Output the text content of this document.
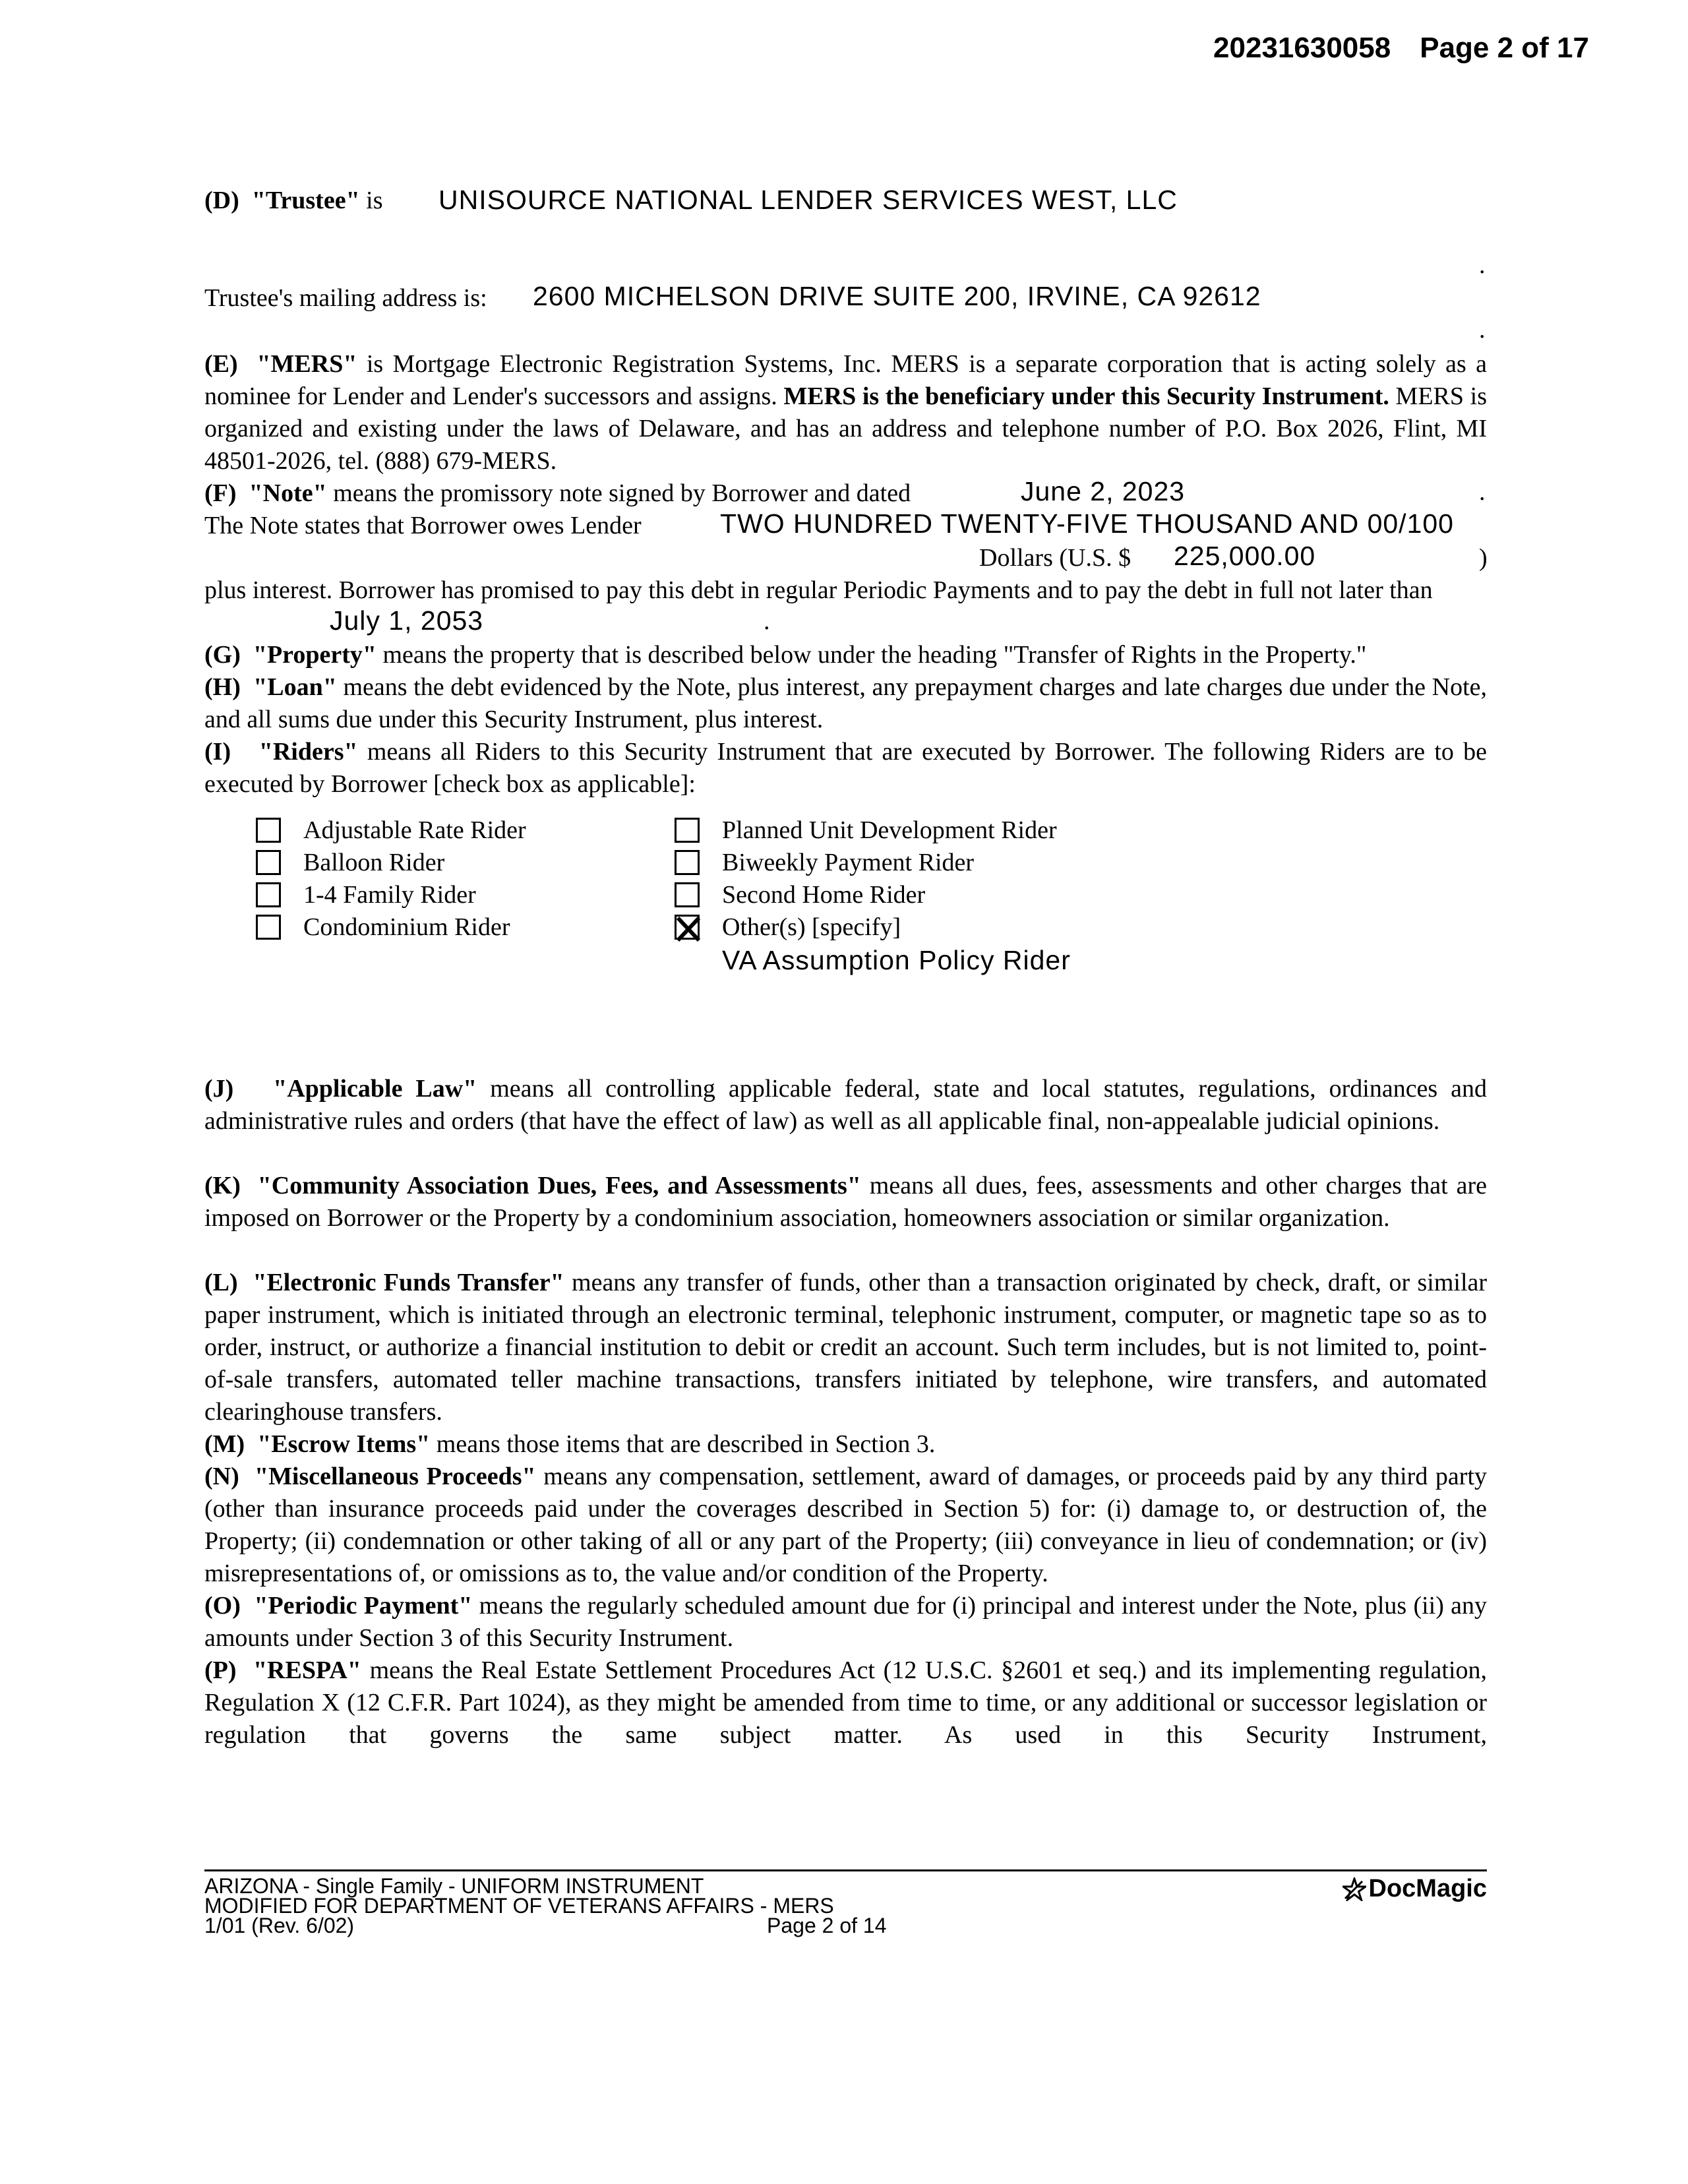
20231630058 Page 2 of 17
(D) "Trustee" is UNISOURCE NATIONAL LENDER SERVICES WEST, LLC
.
Trustee's mailing address is: 2600 MICHELSON DRIVE SUITE 200, IRVINE, CA 92612
.
(E) "MERS" is Mortgage Electronic Registration Systems, Inc. MERS is a separate corporation that is acting solely as a nominee for Lender and Lender's successors and assigns. MERS is the beneficiary under this Security Instrument. MERS is organized and existing under the laws of Delaware, and has an address and telephone number of P.O. Box 2026, Flint, MI 48501-2026, tel. (888) 679-MERS.
(F) "Note" means the promissory note signed by Borrower and dated	June 2, 2023	.
The Note states that Borrower owes Lender	TWO HUNDRED TWENTY-FIVE THOUSAND AND 00/100
Dollars (U.S. $ 225,000.00	)
plus interest. Borrower has promised to pay this debt in regular Periodic Payments and to pay the debt in full not later than
July 1, 2053	.
(G) "Property" means the property that is described below under the heading "Transfer of Rights in the Property."
(H) "Loan" means the debt evidenced by the Note, plus interest, any prepayment charges and late charges due under the Note, and all sums due under this Security Instrument, plus interest.
(I) "Riders" means all Riders to this Security Instrument that are executed by Borrower. The following Riders are to be executed by Borrower [check box as applicable]:
Adjustable Rate Rider
Balloon Rider
1-4 Family Rider
Condominium Rider
Planned Unit Development Rider
Biweekly Payment Rider
Second Home Rider
Other(s) [specify]
VA Assumption Policy Rider
(J) "Applicable Law" means all controlling applicable federal, state and local statutes, regulations, ordinances and administrative rules and orders (that have the effect of law) as well as all applicable final, non-appealable judicial opinions.
(K) "Community Association Dues, Fees, and Assessments" means all dues, fees, assessments and other charges that are imposed on Borrower or the Property by a condominium association, homeowners association or similar organization.
(L) "Electronic Funds Transfer" means any transfer of funds, other than a transaction originated by check, draft, or similar paper instrument, which is initiated through an electronic terminal, telephonic instrument, computer, or magnetic tape so as to order, instruct, or authorize a financial institution to debit or credit an account. Such term includes, but is not limited to, point-of-sale transfers, automated teller machine transactions, transfers initiated by telephone, wire transfers, and automated clearinghouse transfers.
(M) "Escrow Items" means those items that are described in Section 3.
(N) "Miscellaneous Proceeds" means any compensation, settlement, award of damages, or proceeds paid by any third party (other than insurance proceeds paid under the coverages described in Section 5) for: (i) damage to, or destruction of, the Property; (ii) condemnation or other taking of all or any part of the Property; (iii) conveyance in lieu of condemnation; or (iv) misrepresentations of, or omissions as to, the value and/or condition of the Property.
(O) "Periodic Payment" means the regularly scheduled amount due for (i) principal and interest under the Note, plus (ii) any amounts under Section 3 of this Security Instrument.
(P) "RESPA" means the Real Estate Settlement Procedures Act (12 U.S.C. §2601 et seq.) and its implementing regulation, Regulation X (12 C.F.R. Part 1024), as they might be amended from time to time, or any additional or successor legislation or regulation that governs the same subject matter. As used in this Security Instrument,
ARIZONA - Single Family - UNIFORM INSTRUMENT
MODIFIED FOR DEPARTMENT OF VETERANS AFFAIRS - MERS
1/01 (Rev. 6/02)	Page 2 of 14
DocMagic
